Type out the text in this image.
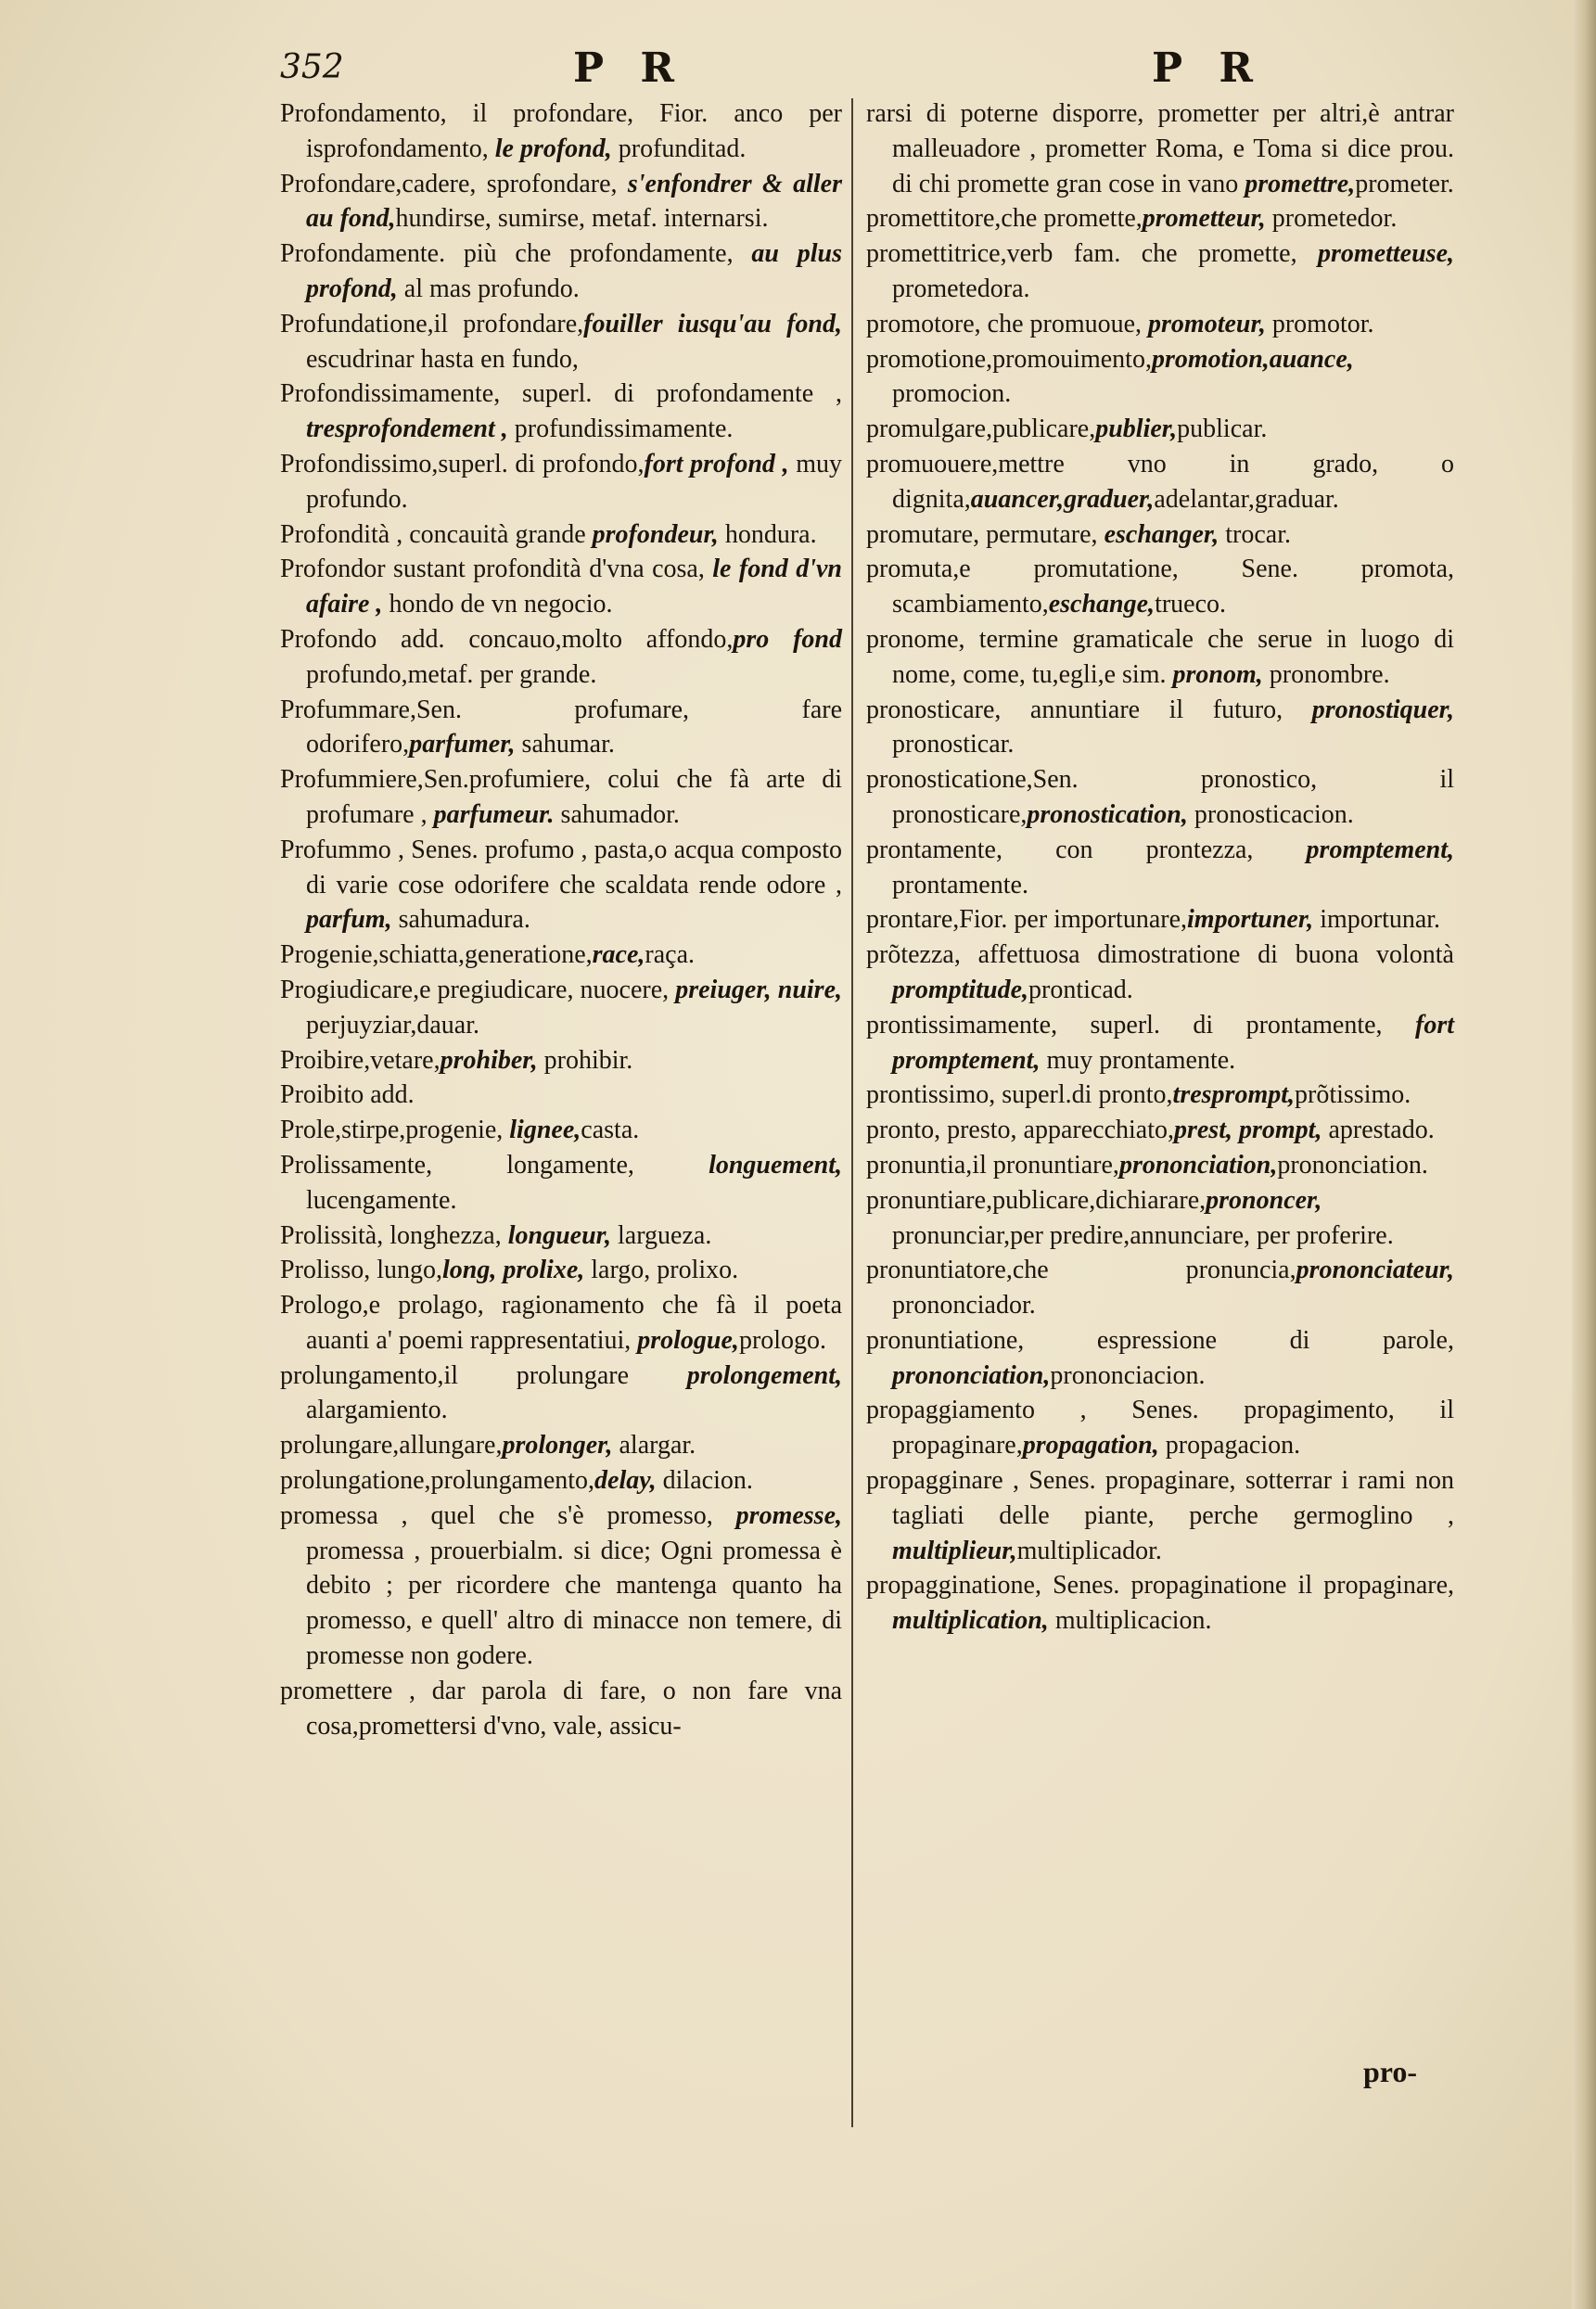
352	P R	P R

Profondamento, il profondare, Fior. anco per isprofondamento, le profond, profunditad.

Profondare,cadere, sprofondare, s'enfondrer & aller au fond,hundirse, sumirse, metaf. internarsi.

Profondamente. più che profondamente, au plus profond, al mas profundo.

Profundatione,il profondare,fouiller iusqu'au fond, escudrinar hasta en fundo,

Profondissimamente, superl. di profondamente , tresprofondement , profundissimamente.

Profondissimo,superl. di profondo,fort profond , muy profundo.

Profondità , concauità grande profondeur, hondura.

Profondor sustant profondità d'vna cosa, le fond d'vn afaire , hondo de vn negocio.

Profondo add. concauo,molto affondo,pro fond profundo,metaf. per grande.

Profummare,Sen. profumare, fare odorifero,parfumer, sahumar.

Profummiere,Sen.profumiere, colui che fà arte di profumare , parfumeur. sahumador.

Profummo , Senes. profumo , pasta,o acqua composto di varie cose odorifere che scaldata rende odore , parfum, sahumadura.

Progenie,schiatta,generatione,race,raça.

Progiudicare,e pregiudicare, nuocere, preiuger, nuire, perjuyziar,dauar.

Proibire,vetare,prohiber, prohibir.

Proibito add.

Prole,stirpe,progenie, lignee,casta.

Prolissamente, longamente, longuement, lucengamente.

Prolissità, longhezza, longueur, largueza.

Prolisso, lungo,long, prolixe, largo, prolixo.

Prologo,e prolago, ragionamento che fà il poeta auanti a' poemi rappresentatiui, prologue,prologo.

prolungamento,il prolungare prolongement, alargamiento.

prolungare,allungare,prolonger, alargar.

prolungatione,prolungamento,delay, dilacion.

promessa , quel che s'è promesso, promesse, promessa , prouerbialm. si dice; Ogni promessa è debito ; per ricordere che mantenga quanto ha promesso, e quell' altro di minacce non temere, di promesse non godere.

promettere , dar parola di fare, o non fare vna cosa,promettersi d'vno, vale, assicu-

rarsi di poterne disporre, prometter per altri,è antrar malleuadore , prometter Roma, e Toma si dice prou. di chi promette gran cose in vano promettre,prometer.

promettitore,che promette,prometteur, prometedor.

promettitrice,verb fam. che promette, prometteuse, prometedora.

promotore, che promuoue, promoteur, promotor.

promotione,promouimento,promotion,auance, promocion.

promulgare,publicare,publier,publicar.

promuouere,mettre vno in grado, o dignita,auancer,graduer,adelantar,graduar.

promutare, permutare, eschanger, trocar.

promuta,e promutatione, Sene. promota, scambiamento,eschange,trueco.

pronome, termine gramaticale che serue in luogo di nome, come, tu,egli,e sim. pronom, pronombre.

pronosticare, annuntiare il futuro, pronostiquer, pronosticar.

pronosticatione,Sen. pronostico, il pronosticare,pronostication, pronosticacion.

prontamente, con prontezza, promptement, prontamente.

prontare,Fior. per importunare,importuner, importunar.

prõtezza, affettuosa dimostratione di buona volontà promptitude,pronticad.

prontissimamente, superl. di prontamente, fort promptement, muy prontamente.

prontissimo, superl.di pronto,tresprompt,prõtissimo.

pronto, presto, apparecchiato,prest, prompt, aprestado.

pronuntia,il pronuntiare,prononciation,prononciation.

pronuntiare,publicare,dichiarare,prononcer, pronunciar,per predire,annunciare, per proferire.

pronuntiatore,che pronuncia,prononciateur, prononciador.

pronuntiatione, espressione di parole, prononciation,prononciacion.

propaggiamento , Senes. propagimento, il propaginare,propagation, propagacion.

propagginare , Senes. propaginare, sotterrar i rami non tagliati delle piante, perche germoglino , multiplieur,multiplicador.

propagginatione, Senes. propaginatione il propaginare, multiplication, multiplicacion.

pro-
